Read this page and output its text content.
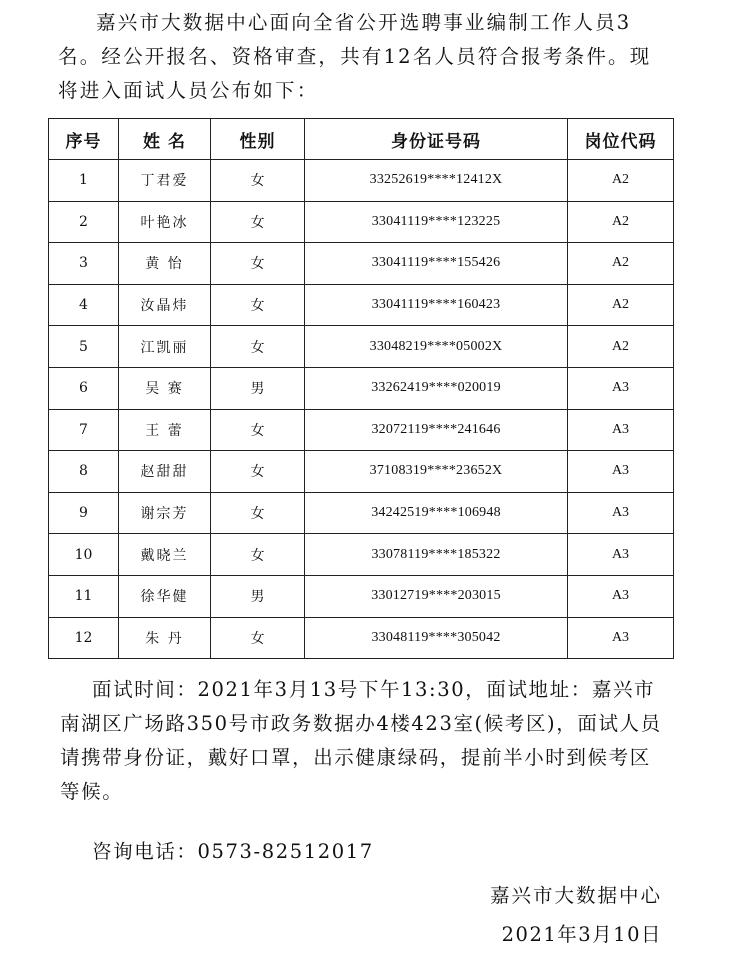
嘉兴市大数据中心面向全省公开选聘事业编制工作人员3名。经公开报名、资格审查，共有12名人员符合报考条件。现将进入面试人员公布如下：

序号	姓 名	性别	身份证号码	岗位代码
1	丁君爱	女	33252619****12412X	A2
2	叶艳冰	女	33041119****123225	A2
3	黄 怡	女	33041119****155426	A2
4	汝晶炜	女	33041119****160423	A2
5	江凯丽	女	33048219****05002X	A2
6	吴 赛	男	33262419****020019	A3
7	王 蕾	女	32072119****241646	A3
8	赵甜甜	女	37108319****23652X	A3
9	谢宗芳	女	34242519****106948	A3
10	戴晓兰	女	33078119****185322	A3
11	徐华健	男	33012719****203015	A3
12	朱 丹	女	33048119****305042	A3

面试时间：2021年3月13号下午13:30，面试地址：嘉兴市南湖区广场路350号市政务数据办4楼423室(候考区)，面试人员请携带身份证，戴好口罩，出示健康绿码，提前半小时到候考区等候。

咨询电话：0573-82512017

嘉兴市大数据中心

2021年3月10日
